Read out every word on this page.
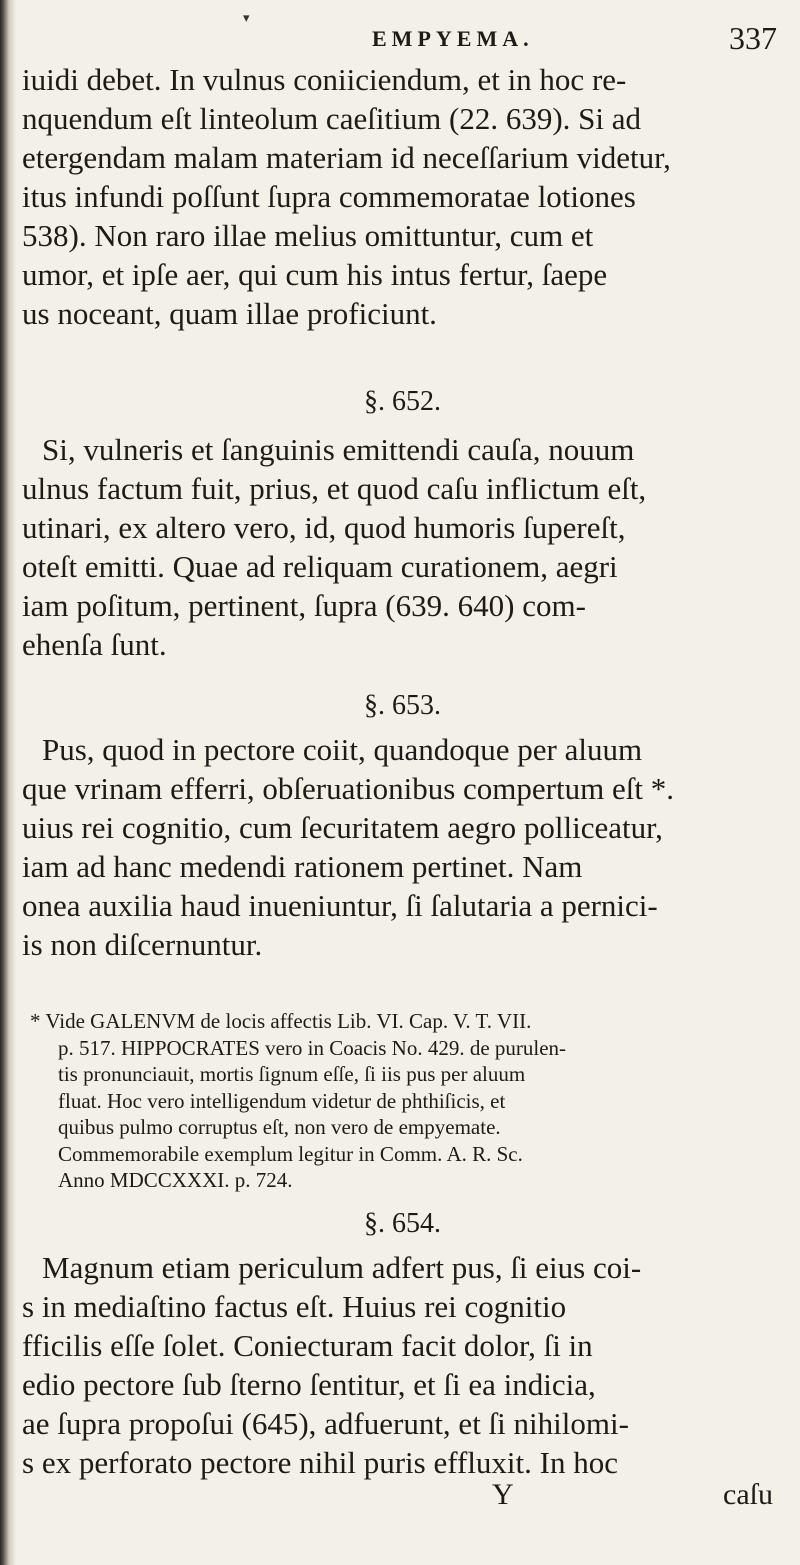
▾
EMPYEMA.	337
iuidi debet. In vulnus coniiciendum, et in hoc re-
nquendum eſt linteolum caeſitium (22. 639). Si ad
etergendam malam materiam id neceſſarium videtur,
itus infundi poſſunt ſupra commemoratae lotiones
538). Non raro illae melius omittuntur, cum et
umor, et ipſe aer, qui cum his intus fertur, ſaepe
us noceant, quam illae proficiunt.
§. 652.
Si, vulneris et ſanguinis emittendi cauſa, nouum
ulnus factum fuit, prius, et quod caſu inflictum eſt,
utinari, ex altero vero, id, quod humoris ſupereſt,
oteſt emitti. Quae ad reliquam curationem, aegri
iam poſitum, pertinent, ſupra (639. 640) com-
ehenſa ſunt.
§. 653.
Pus, quod in pectore coiit, quandoque per aluum
que vrinam efferri, obſeruationibus compertum eſt *.
uius rei cognitio, cum ſecuritatem aegro polliceatur,
iam ad hanc medendi rationem pertinet. Nam
onea auxilia haud inueniuntur, ſi ſalutaria a pernici-
is non diſcernuntur.
* Vide GALENVM de locis affectis Lib. VI. Cap. V. T. VII.
p. 517. HIPPOCRATES vero in Coacis No. 429. de purulen-
tis pronunciauit, mortis ſignum eſſe, ſi iis pus per aluum
fluat. Hoc vero intelligendum videtur de phthiſicis, et
quibus pulmo corruptus eſt, non vero de empyemate.
Commemorabile exemplum legitur in Comm. A. R. Sc.
Anno MDCCXXXI. p. 724.
§. 654.
Magnum etiam periculum adfert pus, ſi eius coi-
s in mediaſtino factus eſt. Huius rei cognitio
fficilis eſſe ſolet. Coniecturam facit dolor, ſi in
edio pectore ſub ſterno ſentitur, et ſi ea indicia,
ae ſupra propoſui (645), adfuerunt, et ſi nihilomi-
s ex perforato pectore nihil puris effluxit. In hoc
Y	caſu
